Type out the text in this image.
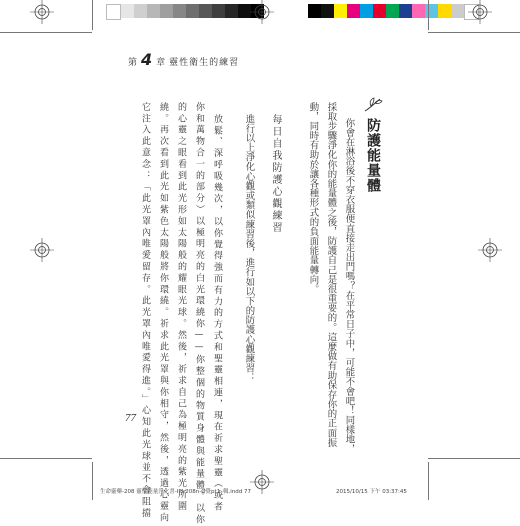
第 4 章 靈性衛生的練習
防護能量體
你會在淋浴後不穿衣服便直接走出門嗎？在平常日子中，可能不會吧！同樣地，
採取步驟淨化你的能量體之後，防護自己是很重要的。這麼做有助保存你的正面振
動，同時有助於讓各種形式的負面能量轉向。
每日自我防護心觀練習
進行以上淨化心觀或類似練習後，進行如以下的防護心觀練習：
放鬆、深呼吸幾次，以你覺得強而有力的方式和聖靈相連，現在祈求聖靈（或者
你和萬物合一的部分）以極明亮的白光環繞你——你整個的物質身體與能量體。以你
的心靈之眼看到此光形如太陽般的耀眼光球。然後，祈求自己為極明亮的紫光所圍
繞。再次看到此光如紫色太陽般將你環繞。祈求此光罩與你相守，然後，透過心靈向
它注入此意念：「此光罩內唯愛留存。此光罩內唯愛得進。」心知此光球並不會阻擋
77
生命靈藥-208 靈性能量淨化書-IPI-208n-Ø覺pt1_輯.indd 77	2015/10/15 下午 03:37:45
